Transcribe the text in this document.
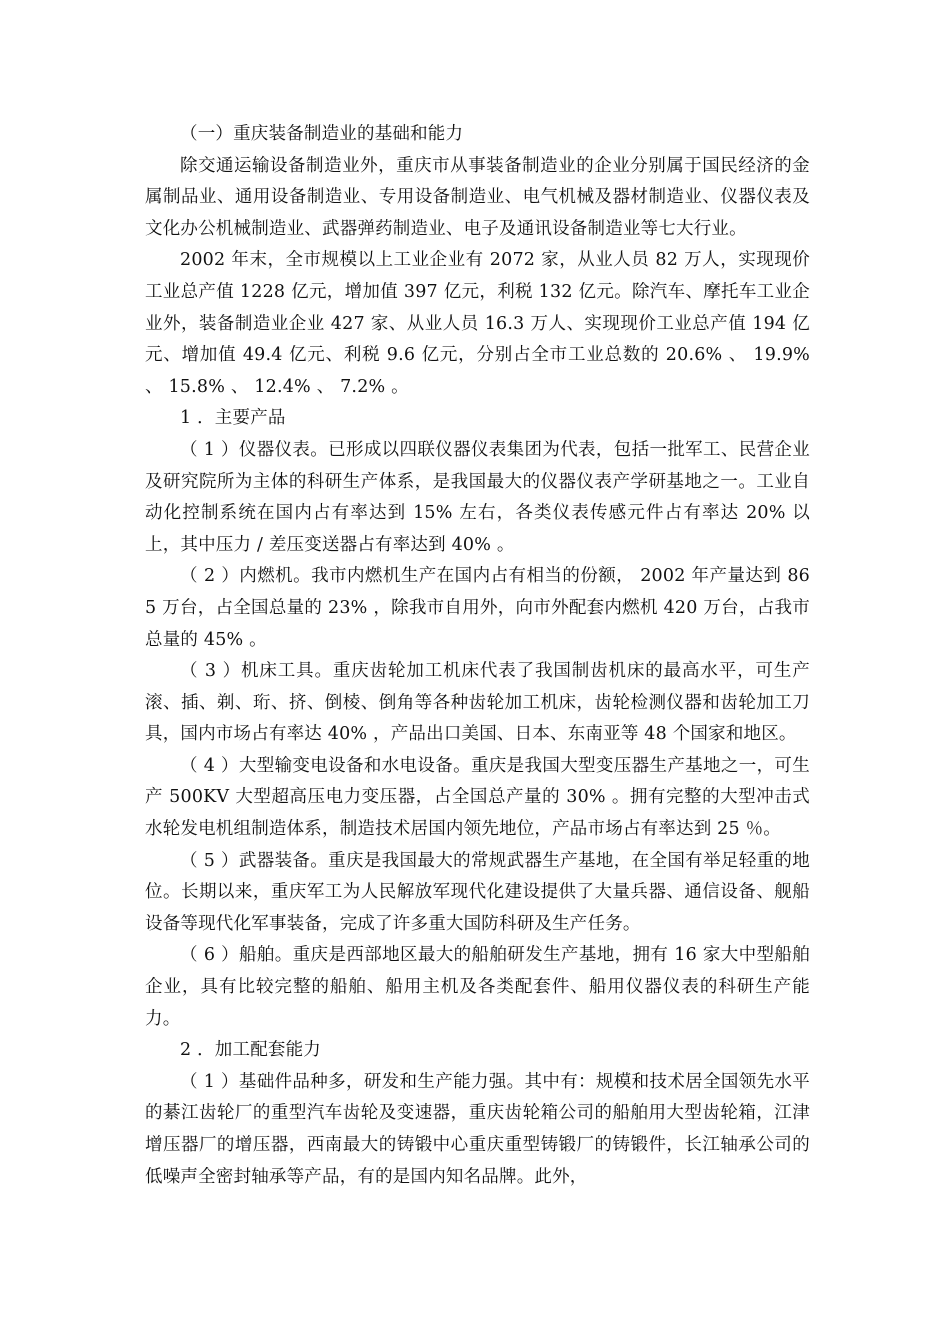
（一）重庆装备制造业的基础和能力

除交通运输设备制造业外，重庆市从事装备制造业的企业分别属于国民经济的金属制品业、通用设备制造业、专用设备制造业、电气机械及器材制造业、仪器仪表及文化办公机械制造业、武器弹药制造业、电子及通讯设备制造业等七大行业。

2002 年末，全市规模以上工业企业有 2072 家，从业人员 82 万人，实现现价工业总产值 1228 亿元，增加值 397 亿元，利税 132 亿元。除汽车、摩托车工业企业外，装备制造业企业 427 家、从业人员 16.3 万人、实现现价工业总产值 194 亿元、增加值 49.4 亿元、利税 9.6 亿元，分别占全市工业总数的 20.6% 、 19.9% 、 15.8% 、 12.4% 、 7.2% 。

1 ．主要产品

（ 1 ）仪器仪表。已形成以四联仪器仪表集团为代表，包括一批军工、民营企业及研究院所为主体的科研生产体系，是我国最大的仪器仪表产学研基地之一。工业自动化控制系统在国内占有率达到 15% 左右，各类仪表传感元件占有率达 20% 以上，其中压力 / 差压变送器占有率达到 40% 。

（ 2 ）内燃机。我市内燃机生产在国内占有相当的份额， 2002 年产量达到 865 万台，占全国总量的 23% ，除我市自用外，向市外配套内燃机 420 万台，占我市总量的 45% 。

（ 3 ）机床工具。重庆齿轮加工机床代表了我国制齿机床的最高水平，可生产滚、插、剃、珩、挤、倒棱、倒角等各种齿轮加工机床，齿轮检测仪器和齿轮加工刀具，国内市场占有率达 40% ，产品出口美国、日本、东南亚等 48 个国家和地区。

（ 4 ）大型输变电设备和水电设备。重庆是我国大型变压器生产基地之一，可生产 500KV 大型超高压电力变压器，占全国总产量的 30% 。拥有完整的大型冲击式水轮发电机组制造体系，制造技术居国内领先地位，产品市场占有率达到 25 ％。

（ 5 ）武器装备。重庆是我国最大的常规武器生产基地，在全国有举足轻重的地位。长期以来，重庆军工为人民解放军现代化建设提供了大量兵器、通信设备、舰船设备等现代化军事装备，完成了许多重大国防科研及生产任务。

（ 6 ）船舶。重庆是西部地区最大的船舶研发生产基地，拥有 16 家大中型船舶企业，具有比较完整的船舶、船用主机及各类配套件、船用仪器仪表的科研生产能力。

2 ．加工配套能力

（ 1 ）基础件品种多，研发和生产能力强。其中有：规模和技术居全国领先水平的綦江齿轮厂的重型汽车齿轮及变速器，重庆齿轮箱公司的船舶用大型齿轮箱，江津增压器厂的增压器，西南最大的铸锻中心重庆重型铸锻厂的铸锻件，长江轴承公司的低噪声全密封轴承等产品，有的是国内知名品牌。此外，
